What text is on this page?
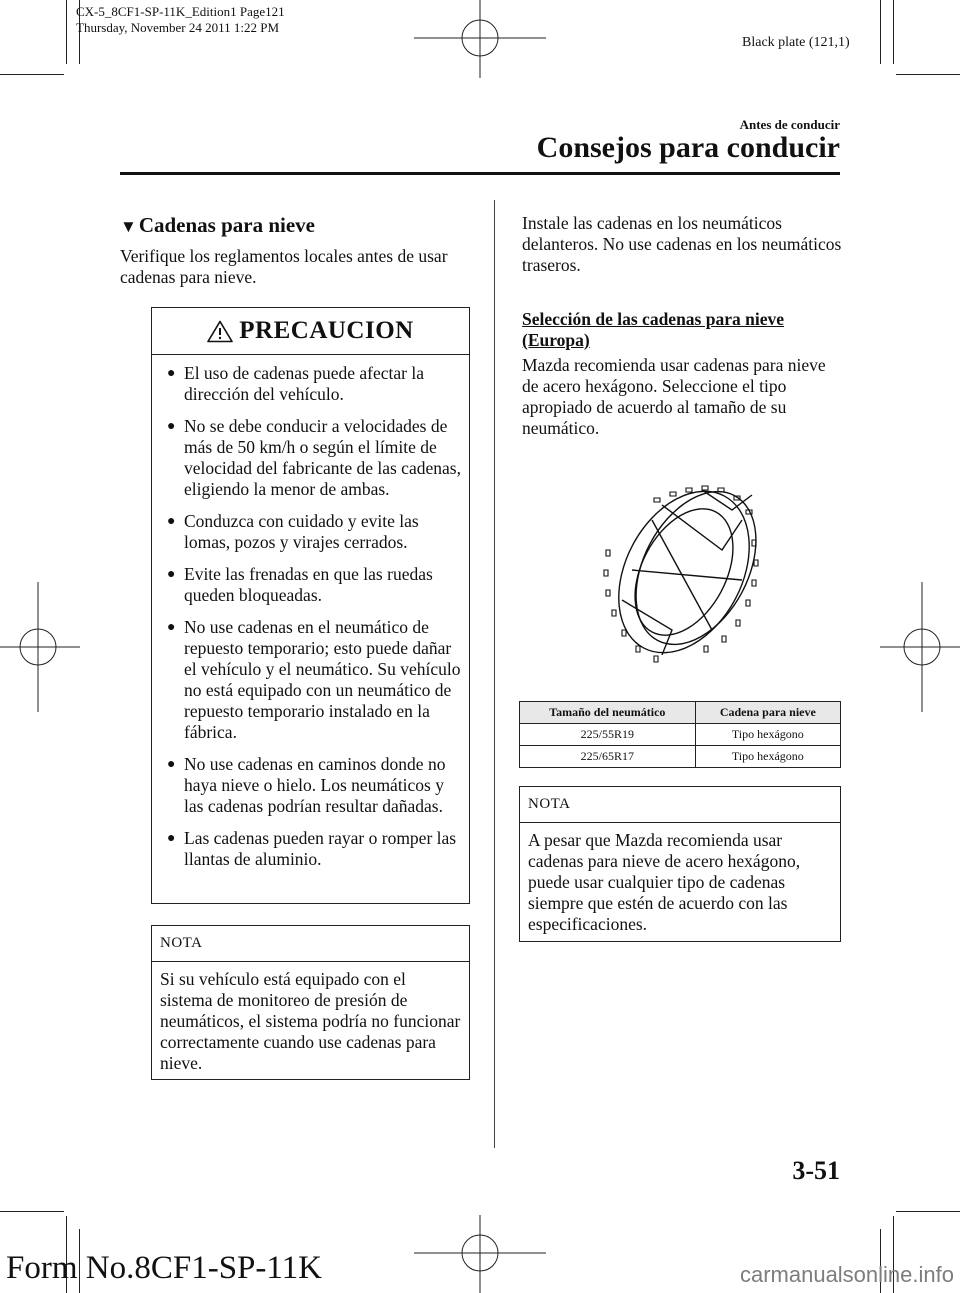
CX-5_8CF1-SP-11K_Edition1 Page121
Thursday, November 24 2011 1:22 PM
Black plate (121,1)
Antes de conducir
Consejos para conducir
▼Cadenas para nieve
Verifique los reglamentos locales antes de usar cadenas para nieve.
PRECAUCION
● El uso de cadenas puede afectar la dirección del vehículo.
● No se debe conducir a velocidades de más de 50 km/h o según el límite de velocidad del fabricante de las cadenas, eligiendo la menor de ambas.
● Conduzca con cuidado y evite las lomas, pozos y virajes cerrados.
● Evite las frenadas en que las ruedas queden bloqueadas.
● No use cadenas en el neumático de repuesto temporario; esto puede dañar el vehículo y el neumático. Su vehículo no está equipado con un neumático de repuesto temporario instalado en la fábrica.
● No use cadenas en caminos donde no haya nieve o hielo. Los neumáticos y las cadenas podrían resultar dañadas.
● Las cadenas pueden rayar o romper las llantas de aluminio.
NOTA
Si su vehículo está equipado con el sistema de monitoreo de presión de neumáticos, el sistema podría no funcionar correctamente cuando use cadenas para nieve.
Instale las cadenas en los neumáticos delanteros. No use cadenas en los neumáticos traseros.
Selección de las cadenas para nieve (Europa)
Mazda recomienda usar cadenas para nieve de acero hexágono. Seleccione el tipo apropiado de acuerdo al tamaño de su neumático.
Tamaño del neumático	Cadena para nieve
225/55R19	Tipo hexágono
225/65R17	Tipo hexágono
NOTA
A pesar que Mazda recomienda usar cadenas para nieve de acero hexágono, puede usar cualquier tipo de cadenas siempre que estén de acuerdo con las especificaciones.
3-51
Form No.8CF1-SP-11K	carmanualsonline.info
